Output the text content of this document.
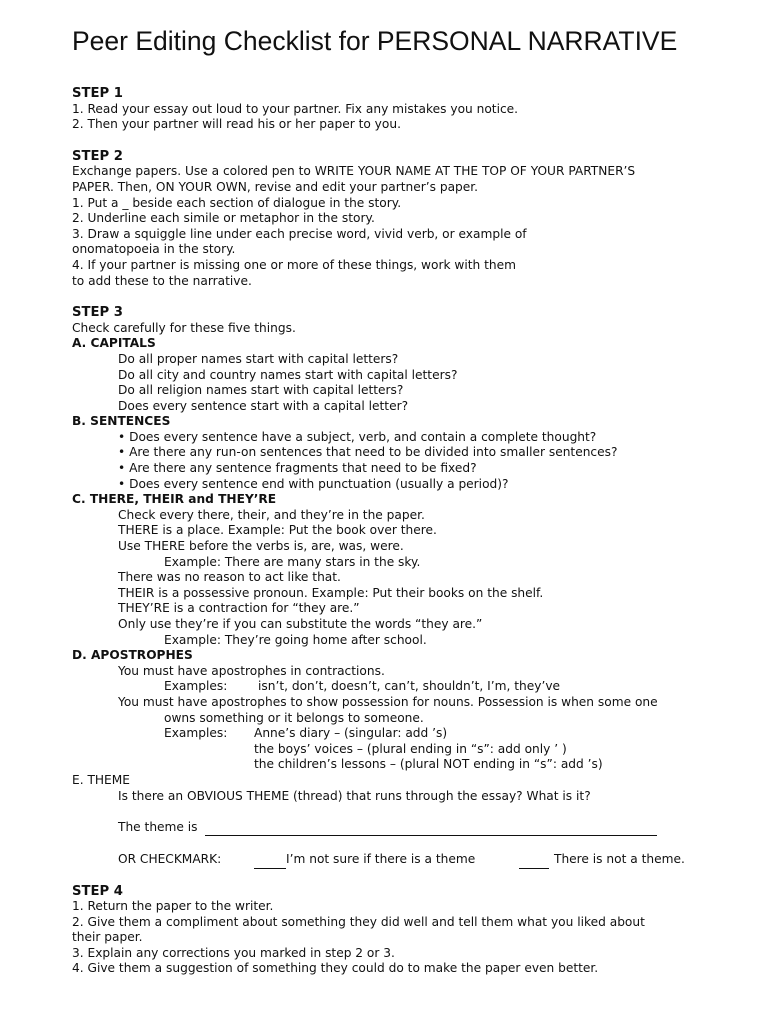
Peer Editing Checklist for PERSONAL NARRATIVE
STEP 1
1. Read your essay out loud to your partner. Fix any mistakes you notice.
2. Then your partner will read his or her paper to you.
STEP 2
Exchange papers. Use a colored pen to WRITE YOUR NAME AT THE TOP OF YOUR PARTNER’S
PAPER. Then, ON YOUR OWN, revise and edit your partner’s paper.
1. Put a _ beside each section of dialogue in the story.
2. Underline each simile or metaphor in the story.
3. Draw a squiggle line under each precise word, vivid verb, or example of
onomatopoeia in the story.
4. If your partner is missing one or more of these things, work with them
to add these to the narrative.
STEP 3
Check carefully for these five things.
A. CAPITALS
Do all proper names start with capital letters?
Do all city and country names start with capital letters?
Do all religion names start with capital letters?
Does every sentence start with a capital letter?
B. SENTENCES
• Does every sentence have a subject, verb, and contain a complete thought?
• Are there any run-on sentences that need to be divided into smaller sentences?
• Are there any sentence fragments that need to be fixed?
• Does every sentence end with punctuation (usually a period)?
C. THERE, THEIR and THEY’RE
Check every there, their, and they’re in the paper.
THERE is a place. Example: Put the book over there.
Use THERE before the verbs is, are, was, were.
Example: There are many stars in the sky.
There was no reason to act like that.
THEIR is a possessive pronoun. Example: Put their books on the shelf.
THEY’RE is a contraction for “they are.”
Only use they’re if you can substitute the words “they are.”
Example: They’re going home after school.
D. APOSTROPHES
You must have apostrophes in contractions.
Examples:	isn’t, don’t, doesn’t, can’t, shouldn’t, I’m, they’ve
You must have apostrophes to show possession for nouns. Possession is when some one
owns something or it belongs to someone.
Examples: Anne’s diary – (singular: add ’s)
the boys’ voices – (plural ending in “s”: add only ’ )
the children’s lessons – (plural NOT ending in “s”: add ’s)
E. THEME
Is there an OBVIOUS THEME (thread) that runs through the essay? What is it?
The theme is
OR CHECKMARK:	I’m not sure if there is a theme	There is not a theme.
STEP 4
1. Return the paper to the writer.
2. Give them a compliment about something they did well and tell them what you liked about
their paper.
3. Explain any corrections you marked in step 2 or 3.
4. Give them a suggestion of something they could do to make the paper even better.
